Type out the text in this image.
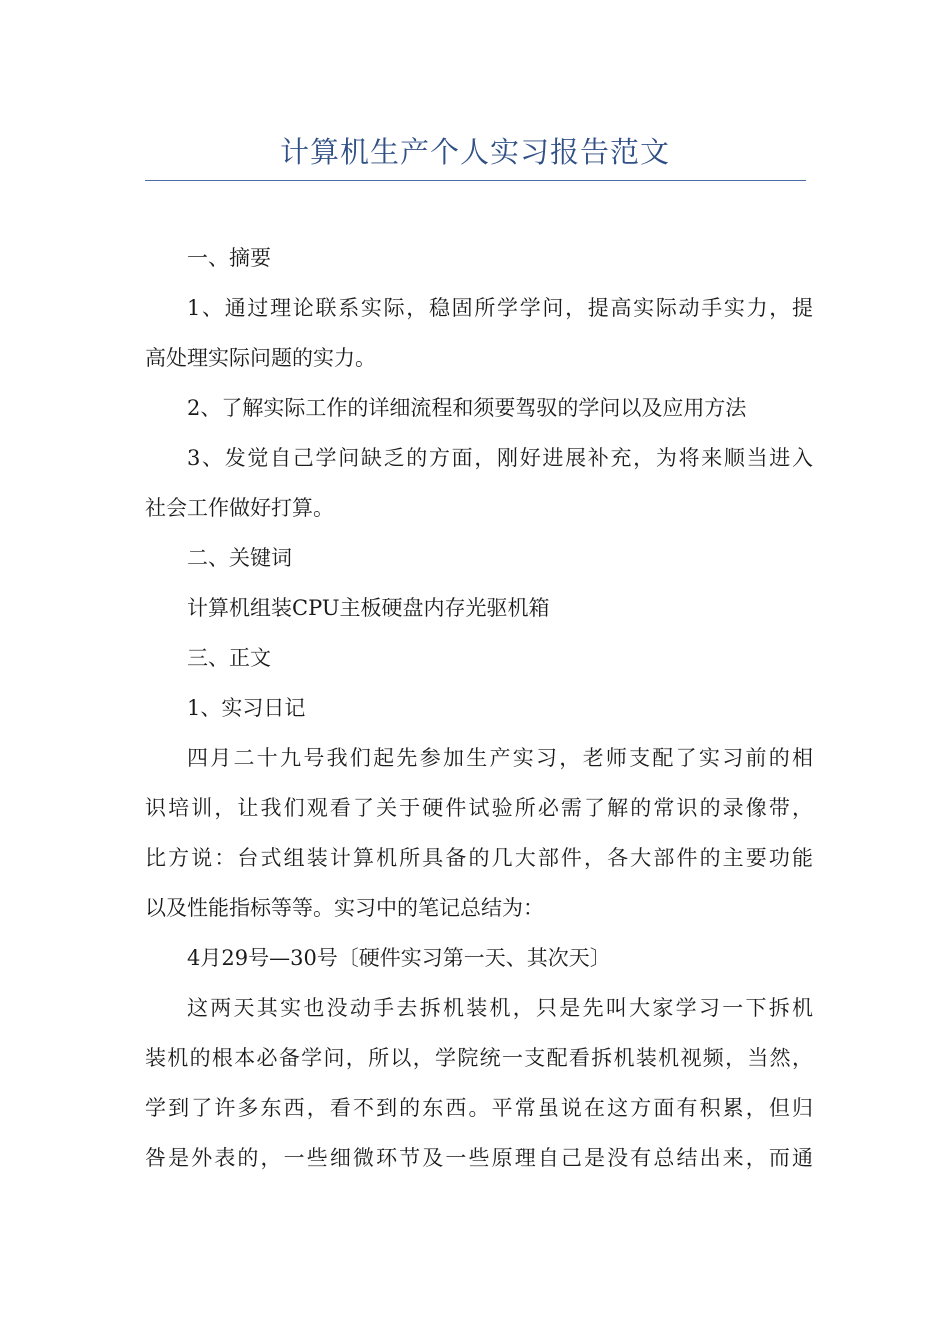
计算机生产个人实习报告范文
一、摘要
1、通过理论联系实际，稳固所学学问，提高实际动手实力，提
高处理实际问题的实力。
2、了解实际工作的详细流程和须要驾驭的学问以及应用方法
3、发觉自己学问缺乏的方面，刚好进展补充，为将来顺当进入
社会工作做好打算。
二、关键词
计算机组装CPU主板硬盘内存光驱机箱
三、正文
1、实习日记
四月二十九号我们起先参加生产实习，老师支配了实习前的相
识培训，让我们观看了关于硬件试验所必需了解的常识的录像带，
比方说：台式组装计算机所具备的几大部件，各大部件的主要功能
以及性能指标等等。实习中的笔记总结为：
4月29号—30号〔硬件实习第一天、其次天〕
这两天其实也没动手去拆机装机，只是先叫大家学习一下拆机
装机的根本必备学问，所以，学院统一支配看拆机装机视频，当然，
学到了许多东西，看不到的东西。平常虽说在这方面有积累，但归
咎是外表的，一些细微环节及一些原理自己是没有总结出来，而通
